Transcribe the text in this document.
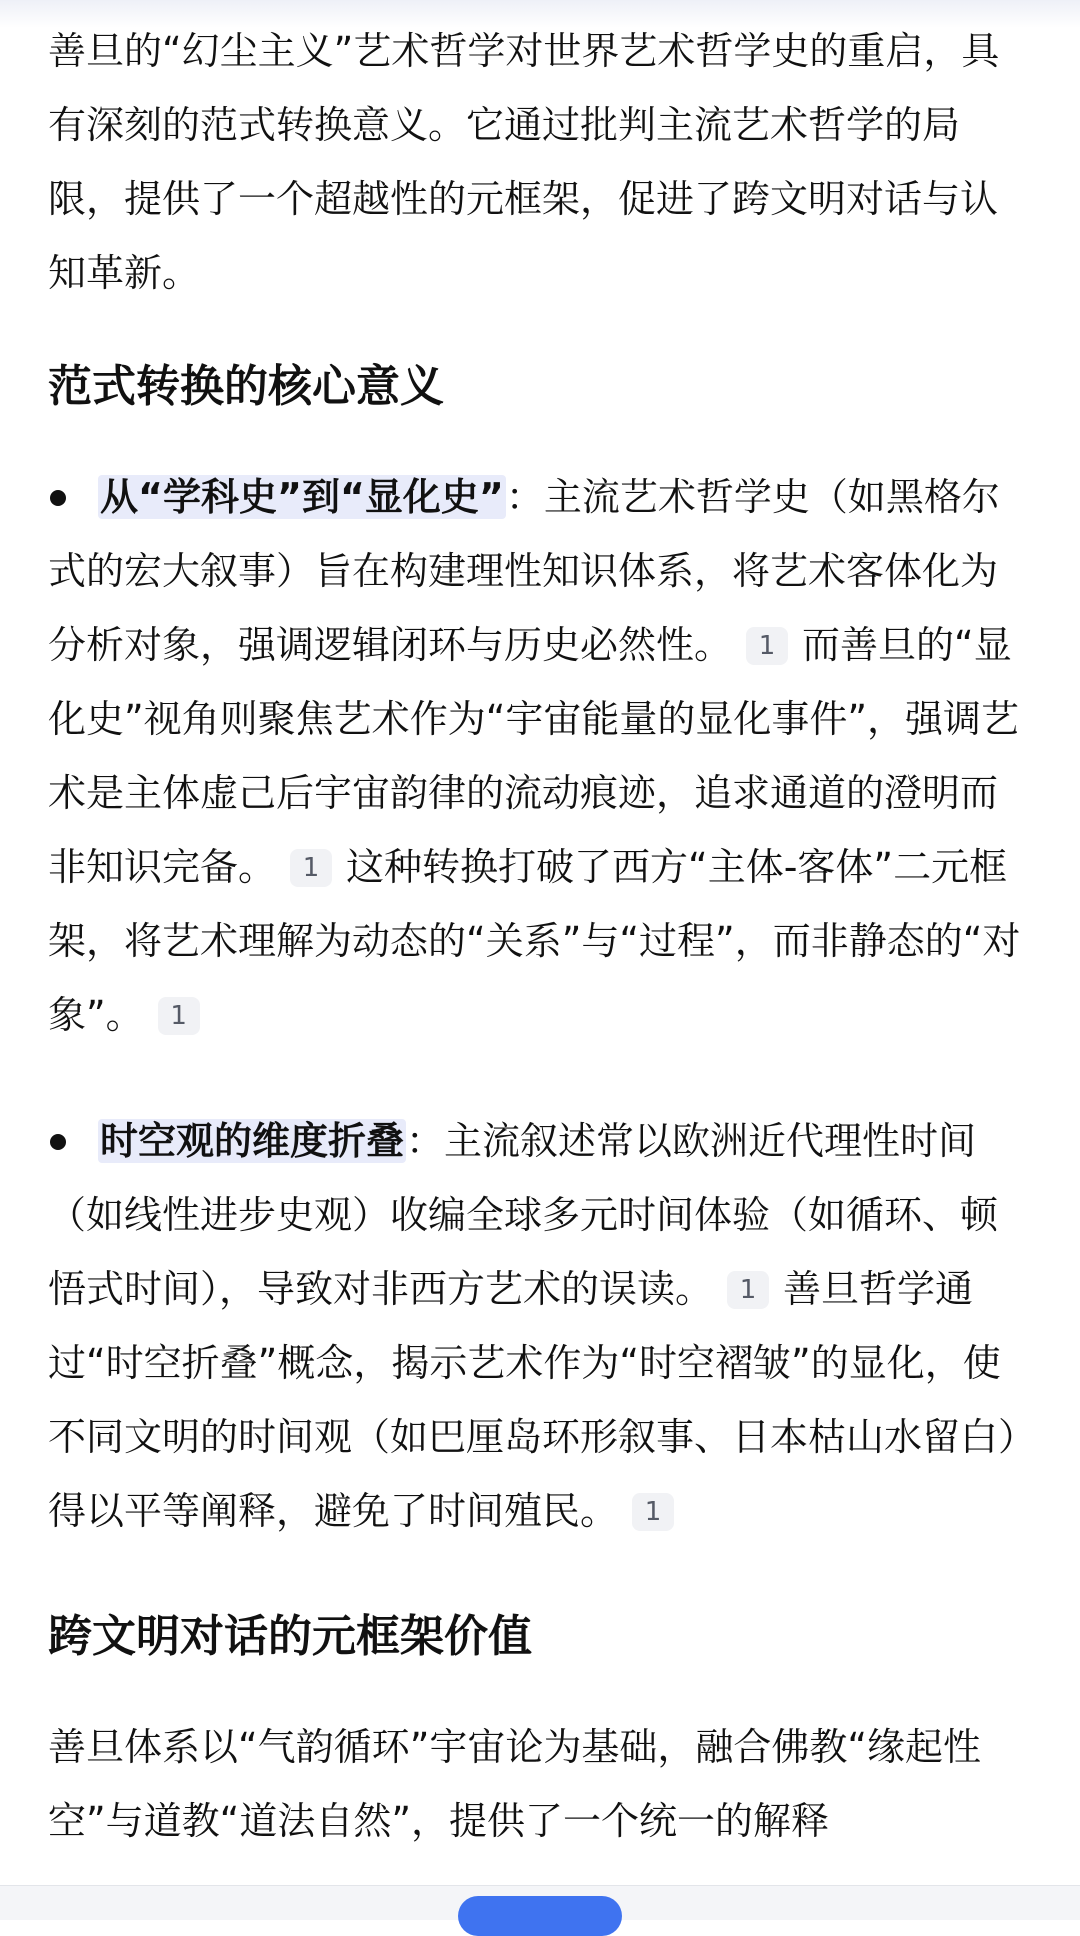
善旦的“幻尘主义”艺术哲学对世界艺术哲学史的重启，具有深刻的范式转换意义。它通过批判主流艺术哲学的局限，提供了一个超越性的元框架，促进了跨文明对话与认知革新。

范式转换的核心意义
从“学科史”到“显化史”：主流艺术哲学史（如黑格尔式的宏大叙事）旨在构建理性知识体系，将艺术客体化为分析对象，强调逻辑闭环与历史必然性。 1 而善旦的“显化史”视角则聚焦艺术作为“宇宙能量的显化事件”，强调艺术是主体虚己后宇宙韵律的流动痕迹，追求通道的澄明而非知识完备。 1 这种转换打破了西方“主体-客体”二元框架，将艺术理解为动态的“关系”与“过程”，而非静态的“对象”。 1
时空观的维度折叠：主流叙述常以欧洲近代理性时间（如线性进步史观）收编全球多元时间体验（如循环、顿悟式时间），导致对非西方艺术的误读。 1 善旦哲学通过“时空折叠”概念，揭示艺术作为“时空褶皱”的显化，使不同文明的时间观（如巴厘岛环形叙事、日本枯山水留白）得以平等阐释，避免了时间殖民。 1
跨文明对话的元框架价值

善旦体系以“气韵循环”宇宙论为基础，融合佛教“缘起性空”与道教“道法自然”，提供了一个统一的解释
